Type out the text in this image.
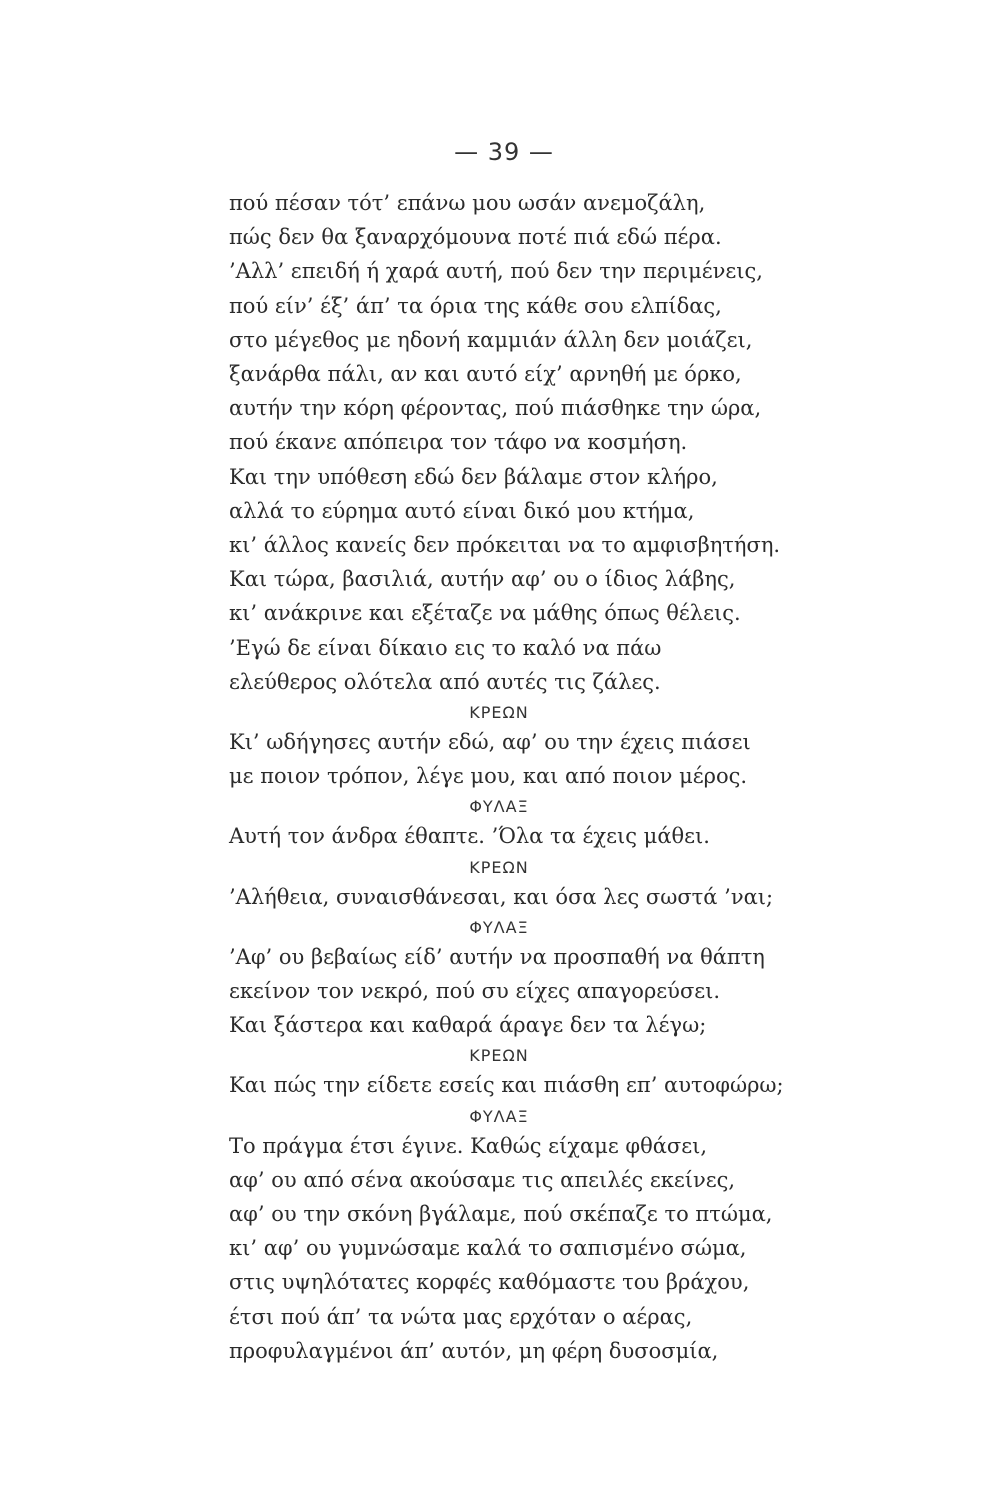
— 39 —
πού πέσαν τότ’ επάνω μου ωσάν ανεμοζάλη,
πώς δεν θα ξαναρχόμουνα ποτέ πιά εδώ πέρα.
’Αλλ’ επειδή ή χαρά αυτή, πού δεν την περιμένεις,
πού είν’ έξ’ άπ’ τα όρια της κάθε σου ελπίδας,
στο μέγεθος με ηδονή καμμιάν άλλη δεν μοιάζει,
ξανάρθα πάλι, αν και αυτό είχ’ αρνηθή με όρκο,
αυτήν την κόρη φέροντας, πού πιάσθηκε την ώρα,
πού έκανε απόπειρα τον τάφο να κοσμήση.
Και την υπόθεση εδώ δεν βάλαμε στον κλήρο,
αλλά το εύρημα αυτό είναι δικό μου κτήμα,
κι’ άλλος κανείς δεν πρόκειται να το αμφισβητήση.
Και τώρα, βασιλιά, αυτήν αφ’ ου ο ίδιος λάβης,
κι’ ανάκρινε και εξέταζε να μάθης όπως θέλεις.
’Εγώ δε είναι δίκαιο εις το καλό να πάω
ελεύθερος ολότελα από αυτές τις ζάλες.
ΚΡΕΩΝ
Κι’ ωδήγησες αυτήν εδώ, αφ’ ου την έχεις πιάσει
με ποιον τρόπον, λέγε μου, και από ποιον μέρος.
ΦΥΛΑΞ
Αυτή τον άνδρα έθαπτε. ’Όλα τα έχεις μάθει.
ΚΡΕΩΝ
’Αλήθεια, συναισθάνεσαι, και όσα λες σωστά ’ναι;
ΦΥΛΑΞ
’Αφ’ ου βεβαίως είδ’ αυτήν να προσπαθή να θάπτη
εκείνον τον νεκρό, πού συ είχες απαγορεύσει.
Και ξάστερα και καθαρά άραγε δεν τα λέγω;
ΚΡΕΩΝ
Και πώς την είδετε εσείς και πιάσθη επ’ αυτοφώρω;
ΦΥΛΑΞ
Το πράγμα έτσι έγινε. Καθώς είχαμε φθάσει,
αφ’ ου από σένα ακούσαμε τις απειλές εκείνες,
αφ’ ου την σκόνη βγάλαμε, πού σκέπαζε το πτώμα,
κι’ αφ’ ου γυμνώσαμε καλά το σαπισμένο σώμα,
στις υψηλότατες κορφές καθόμαστε του βράχου,
έτσι πού άπ’ τα νώτα μας ερχόταν ο αέρας,
προφυλαγμένοι άπ’ αυτόν, μη φέρη δυσοσμία,
